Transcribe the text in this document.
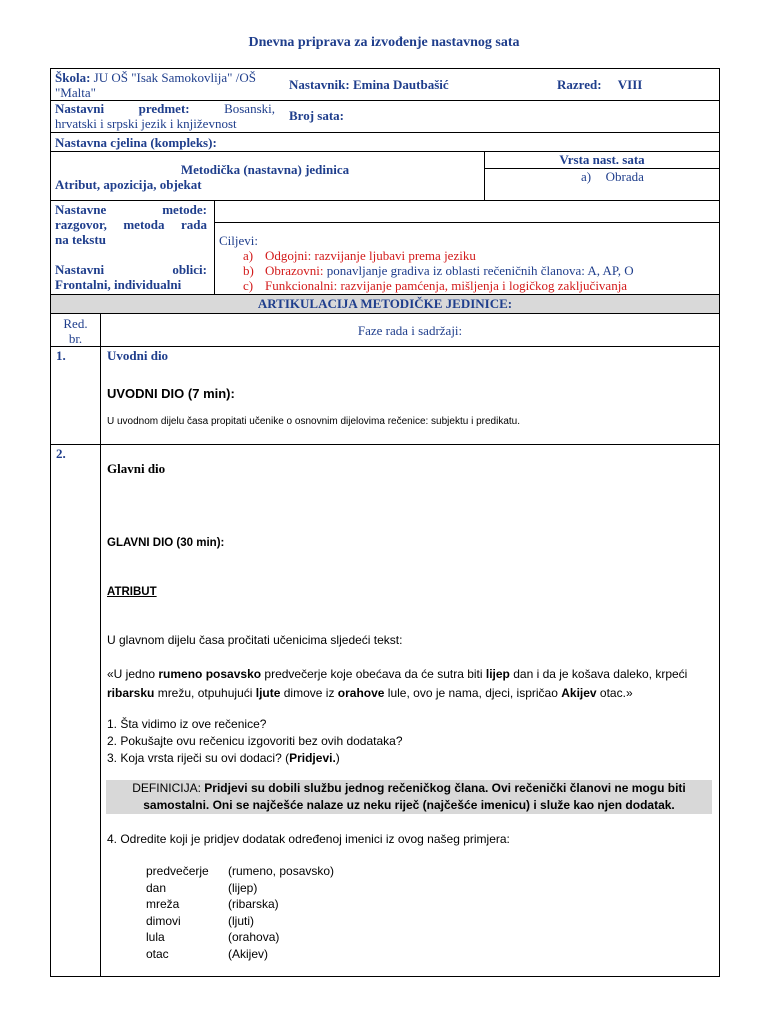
Dnevna priprava za izvođenje nastavnog sata
Škola: JU OŠ "Isak Samokovlija" /OŠ
"Malta"
Nastavnik: Emina Dautbašić	Razred: VIII
Nastavni predmet:	Bosanski,
hrvatski i srpski jezik i književnost
Broj sata:
Nastavna cjelina (kompleks):
Metodička (nastavna) jedinica
Atribut, apozicija, objekat
Vrsta nast. sata
a) Obrada
Nastavne metode:
razgovor, metoda rada
na tekstu
Nastavni oblici:
Frontalni, individualni
Ciljevi:
a) Odgojni: razvijanje ljubavi prema jeziku
b) Obrazovni: ponavljanje gradiva iz oblasti rečeničnih članova: A, AP, O
c) Funkcionalni: razvijanje pamćenja, mišljenja i logičkog zaključivanja
ARTIKULACIJA METODIČKE JEDINICE:
Red.
br.
Faze rada i sadržaji:
1.	Uvodni dio
UVODNI DIO (7 min):
U uvodnom dijelu časa propitati učenike o osnovnim dijelovima rečenice: subjektu i predikatu.
2.
Glavni dio
GLAVNI DIO (30 min):
ATRIBUT
U glavnom dijelu časa pročitati učenicima sljedeći tekst:
«U jedno rumeno posavsko predvečerje koje obećava da će sutra biti lijep dan i da je košava daleko, krpeći ribarsku mrežu, otpuhujući ljute dimove iz orahove lule, ovo je nama, djeci, ispričao Akijev otac.»
1. Šta vidimo iz ove rečenice?
2. Pokušajte ovu rečenicu izgovoriti bez ovih dodataka?
3. Koja vrsta riječi su ovi dodaci? (Pridjevi.)
DEFINICIJA: Pridjevi su dobili službu jednog rečeničkog člana. Ovi rečenički članovi ne mogu biti
samostalni. Oni se najčešće nalaze uz neku riječ (najčešće imenicu) i služe kao njen dodatak.
4. Odredite koji je pridjev dodatak određenoj imenici iz ovog našeg primjera:
predvečerje (rumeno, posavsko)
dan	(lijep)
mreža	(ribarska)
dimovi	(ljuti)
lula	(orahova)
otac	(Akijev)
